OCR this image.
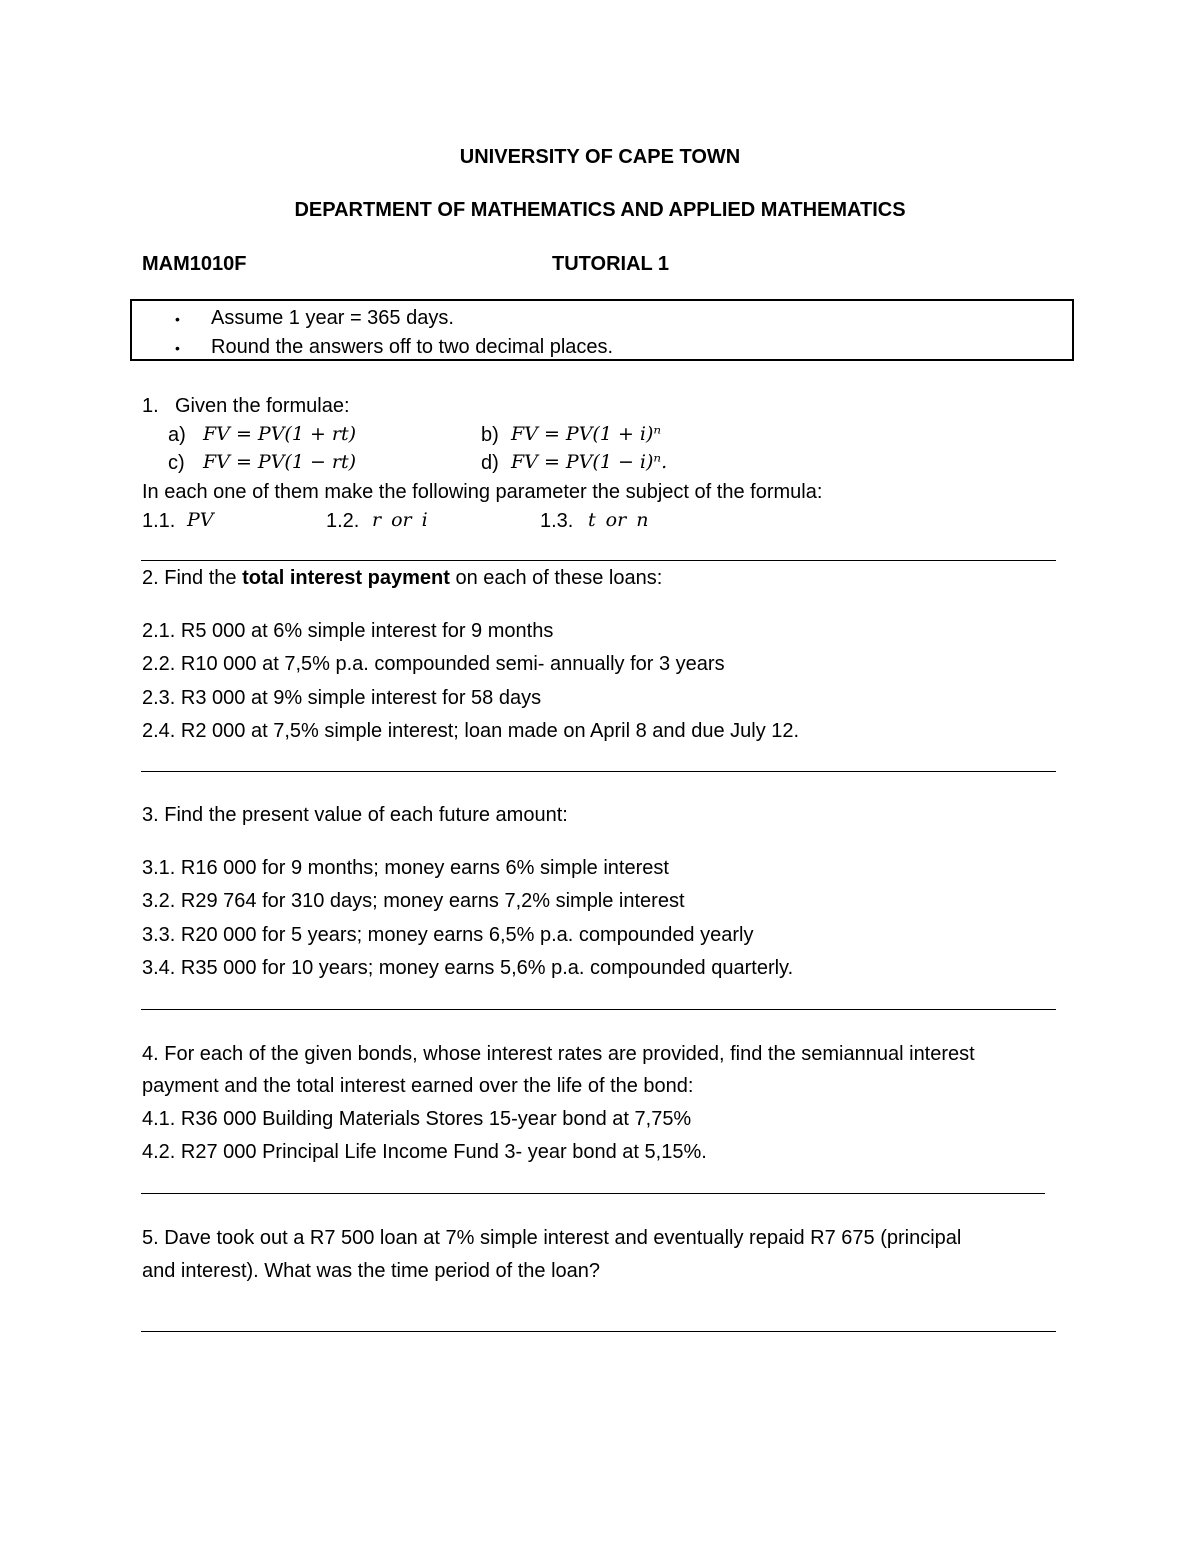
UNIVERSITY OF CAPE TOWN
DEPARTMENT OF MATHEMATICS AND APPLIED MATHEMATICS
MAM1010F	TUTORIAL 1
• Assume 1 year = 365 days.
• Round the answers off to two decimal places.
1. Given the formulae:
a) FV = PV(1 + rt)	b) FV = PV(1 + i)ⁿ
c) FV = PV(1 − rt)	d) FV = PV(1 − i)ⁿ.
In each one of them make the following parameter the subject of the formula:
1.1. PV	1.2. r or i	1.3. t or n
2. Find the total interest payment on each of these loans:
2.1. R5 000 at 6% simple interest for 9 months
2.2. R10 000 at 7,5% p.a. compounded semi- annually for 3 years
2.3. R3 000 at 9% simple interest for 58 days
2.4. R2 000 at 7,5% simple interest; loan made on April 8 and due July 12.
3. Find the present value of each future amount:
3.1. R16 000 for 9 months; money earns 6% simple interest
3.2. R29 764 for 310 days; money earns 7,2% simple interest
3.3. R20 000 for 5 years; money earns 6,5% p.a. compounded yearly
3.4. R35 000 for 10 years; money earns 5,6% p.a. compounded quarterly.
4. For each of the given bonds, whose interest rates are provided, find the semiannual interest
payment and the total interest earned over the life of the bond:
4.1. R36 000 Building Materials Stores 15-year bond at 7,75%
4.2. R27 000 Principal Life Income Fund 3- year bond at 5,15%.
5. Dave took out a R7 500 loan at 7% simple interest and eventually repaid R7 675 (principal
and interest). What was the time period of the loan?
